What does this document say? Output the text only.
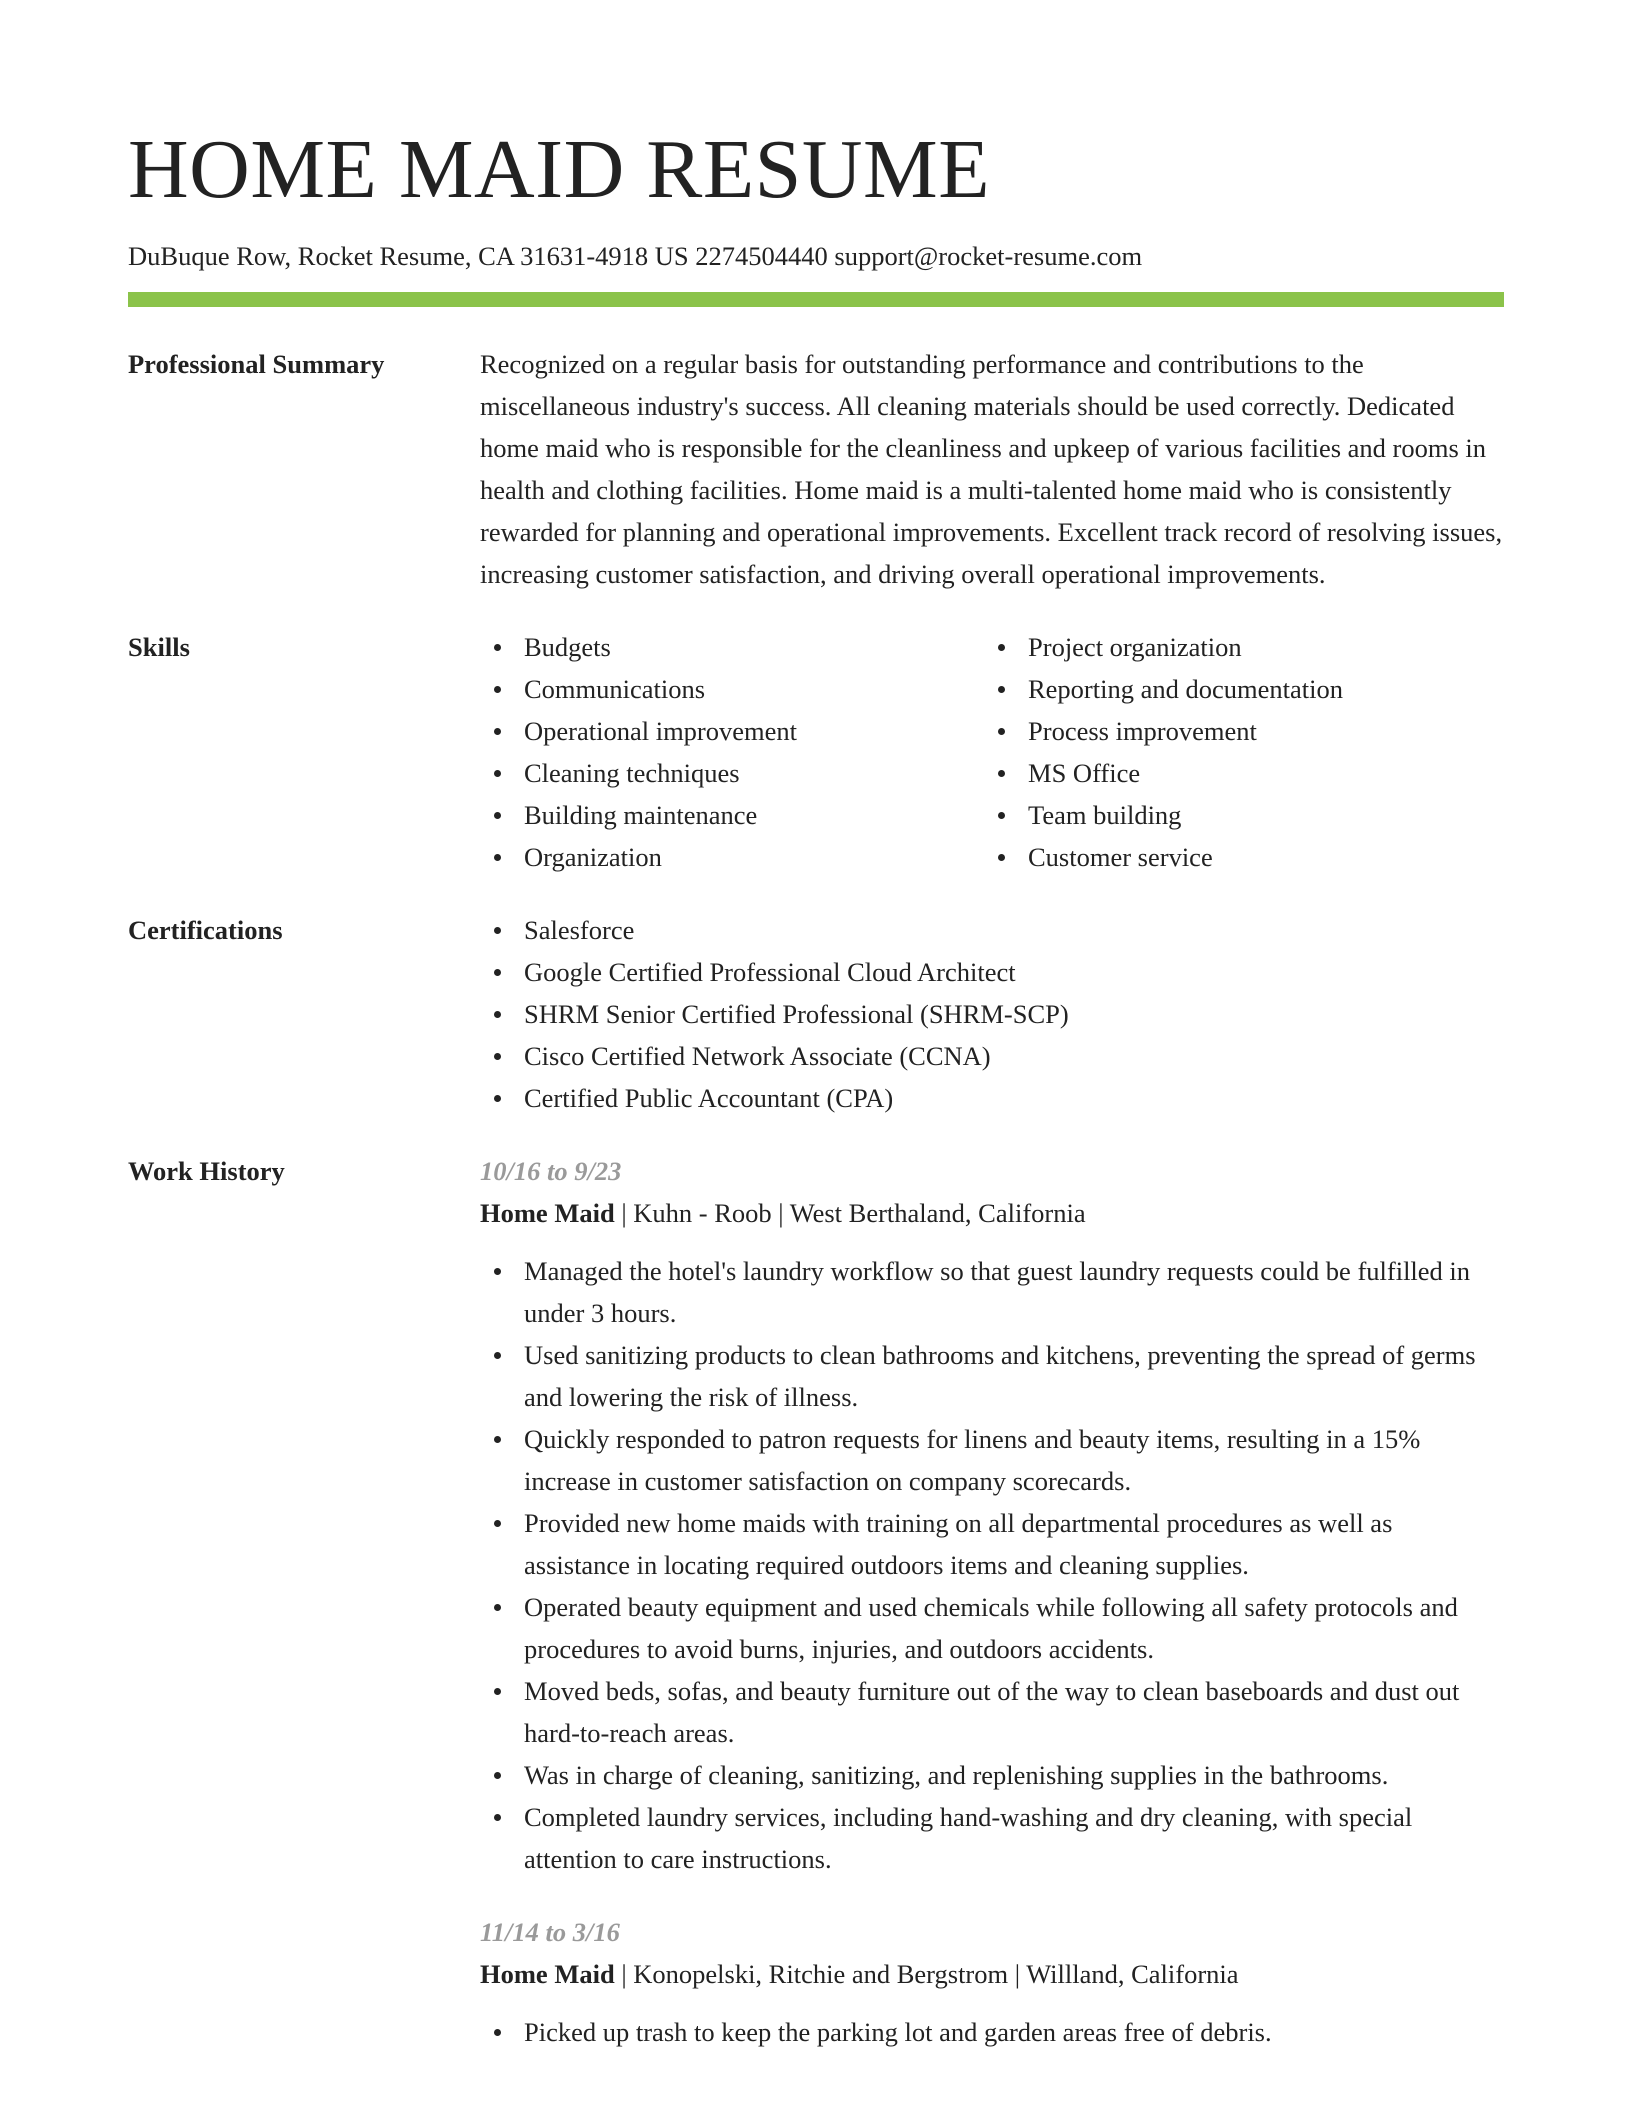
HOME MAID RESUME
DuBuque Row, Rocket Resume, CA 31631-4918 US 2274504440 support@rocket-resume.com
Professional Summary	Recognized on a regular basis for outstanding performance and contributions to the miscellaneous industry's success. All cleaning materials should be used correctly. Dedicated home maid who is responsible for the cleanliness and upkeep of various facilities and rooms in health and clothing facilities. Home maid is a multi-talented home maid who is consistently rewarded for planning and operational improvements. Excellent track record of resolving issues, increasing customer satisfaction, and driving overall operational improvements.

Skills	Budgets
Communications
Operational improvement
Cleaning techniques
Building maintenance
Organization
Project organization
Reporting and documentation
Process improvement
MS Office
Team building
Customer service
Certifications	Salesforce
Google Certified Professional Cloud Architect
SHRM Senior Certified Professional (SHRM-SCP)
Cisco Certified Network Associate (CCNA)
Certified Public Accountant (CPA)
Work History	10/16 to 9/23
Home Maid | Kuhn - Roob | West Berthaland, California
Managed the hotel's laundry workflow so that guest laundry requests could be fulfilled in under 3 hours.
Used sanitizing products to clean bathrooms and kitchens, preventing the spread of germs and lowering the risk of illness.
Quickly responded to patron requests for linens and beauty items, resulting in a 15% increase in customer satisfaction on company scorecards.
Provided new home maids with training on all departmental procedures as well as assistance in locating required outdoors items and cleaning supplies.
Operated beauty equipment and used chemicals while following all safety protocols and procedures to avoid burns, injuries, and outdoors accidents.
Moved beds, sofas, and beauty furniture out of the way to clean baseboards and dust out hard-to-reach areas.
Was in charge of cleaning, sanitizing, and replenishing supplies in the bathrooms.
Completed laundry services, including hand-washing and dry cleaning, with special attention to care instructions.
11/14 to 3/16
Home Maid | Konopelski, Ritchie and Bergstrom | Willland, California
Picked up trash to keep the parking lot and garden areas free of debris.
